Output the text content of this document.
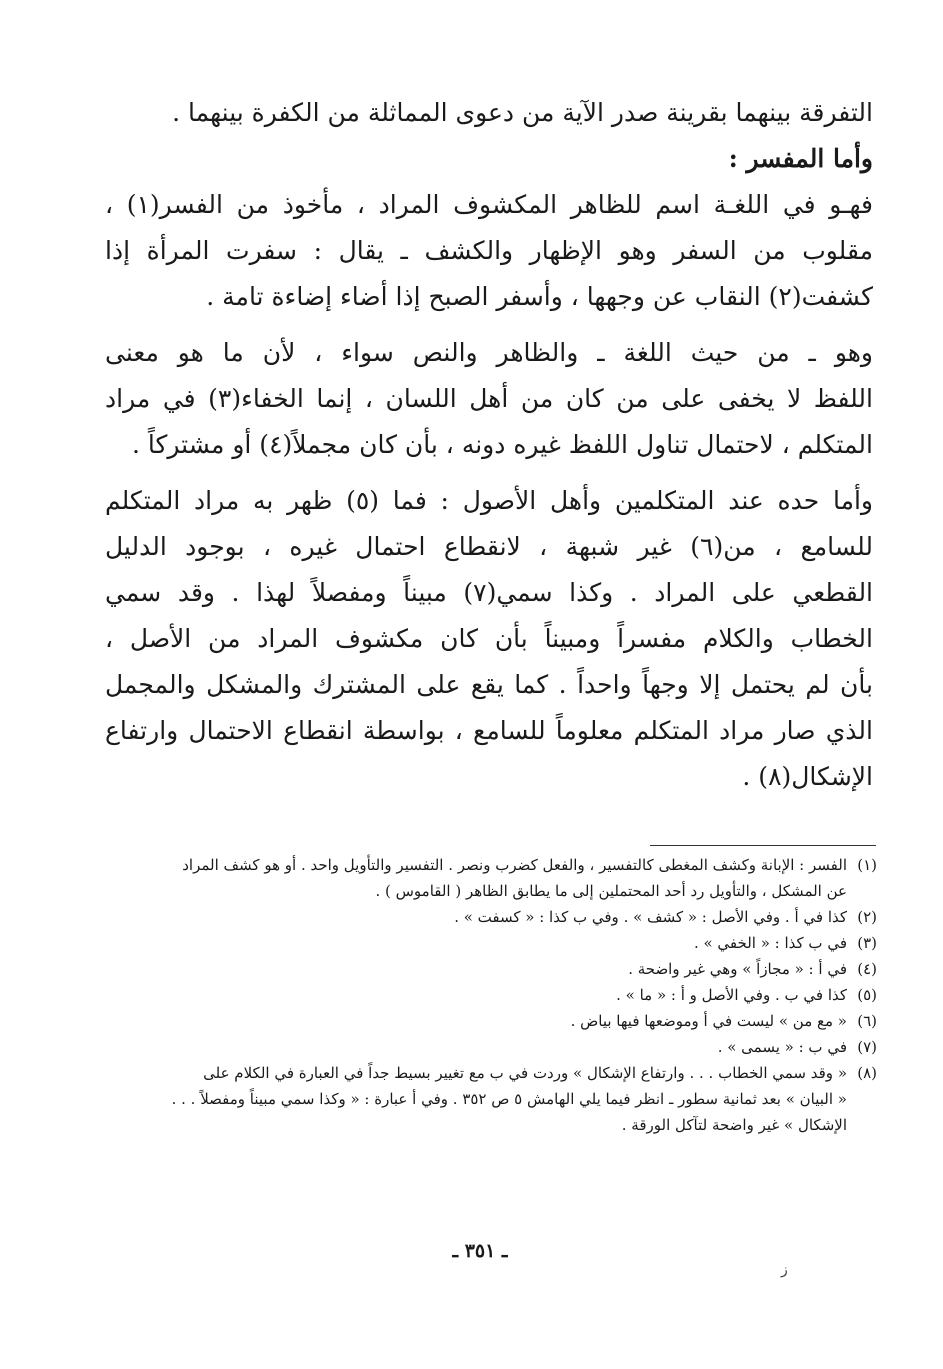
التفرقة بينهما بقرينة صدر الآية من دعوى المماثلة من الكفرة بينهما .
وأما المفسر :
فهـو في اللغـة اسم للظاهر المكشوف المراد ، مأخوذ من الفسر(١) ،
مقلوب من السفر وهو الإظهار والكشف ـ يقال : سفرت المرأة إذا
كشفت(٢) النقاب عن وجهها ، وأسفر الصبح إذا أضاء إضاءة تامة .
وهو ـ من حيث اللغة ـ والظاهر والنص سواء ، لأن ما هو معنى
اللفظ لا يخفى على من كان من أهل اللسان ، إنما الخفاء(٣) في مراد
المتكلم ، لاحتمال تناول اللفظ غيره دونه ، بأن كان مجملاً(٤) أو مشتركاً .
وأما حده عند المتكلمين وأهل الأصول : فما (٥) ظهر به مراد المتكلم
للسامع ، من(٦) غير شبهة ، لانقطاع احتمال غيره ، بوجود الدليل
القطعي على المراد . وكذا سمي(٧) مبيناً ومفصلاً لهذا . وقد سمي
الخطاب والكلام مفسراً ومبيناً بأن كان مكشوف المراد من الأصل ،
بأن لم يحتمل إلا وجهاً واحداً . كما يقع على المشترك والمشكل والمجمل
الذي صار مراد المتكلم معلوماً للسامع ، بواسطة انقطاع الاحتمال وارتفاع
الإشكال(٨) .
(١)
الفسر : الإبانة وكشف المغطى كالتفسير ، والفعل كضرب ونصر . التفسير والتأويل واحد . أو هو كشف المراد
عن المشكل ، والتأويل رد أحد المحتملين إلى ما يطابق الظاهر ( القاموس ) .
(٢)
كذا في أ . وفي الأصل : « كشف » . وفي ب كذا : « كسفت » .
(٣)
في ب كذا : « الخفي » .
(٤)
في أ : « مجازاً » وهي غير واضحة .
(٥)
كذا في ب . وفي الأصل و أ : « ما » .
(٦)
« مع من » ليست في أ وموضعها فيها بياض .
(٧)
في ب : « يسمى » .
(٨)
« وقد سمي الخطاب . . . وارتفاع الإشكال » وردت في ب مع تغيير بسيط جداً في العبارة في الكلام على
« البيان » بعد ثمانية سطور ـ انظر فيما يلي الهامش ٥ ص ٣٥٢ . وفي أ عبارة : « وكذا سمي مبيناً ومفصلاً . . .
الإشكال » غير واضحة لتآكل الورقة .
ـ ٣٥١ ـ
ﺯ
